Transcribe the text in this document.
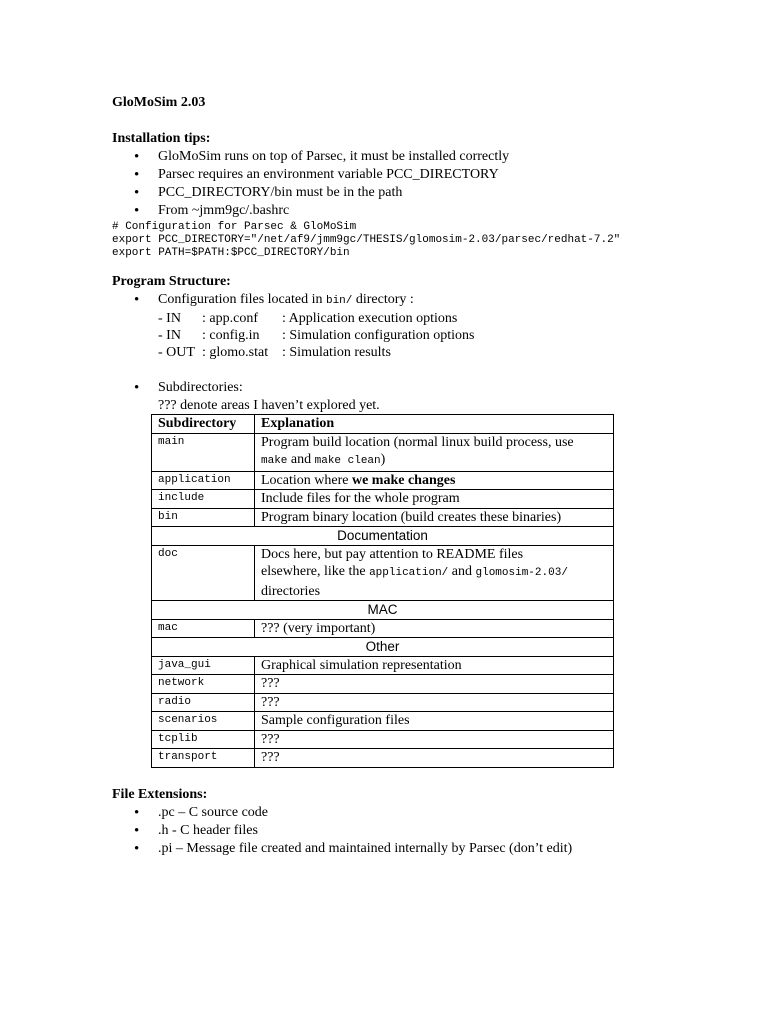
GloMoSim 2.03
Installation tips:
• GloMoSim runs on top of Parsec, it must be installed correctly
• Parsec requires an environment variable PCC_DIRECTORY
• PCC_DIRECTORY/bin must be in the path
• From ~jmm9gc/.bashrc
# Configuration for Parsec & GloMoSim
export PCC_DIRECTORY="/net/af9/jmm9gc/THESIS/glomosim-2.03/parsec/redhat-7.2"
export PATH=$PATH:$PCC_DIRECTORY/bin
Program Structure:
• Configuration files located in bin/ directory :
- IN : app.conf : Application execution options
- IN : config.in : Simulation configuration options
- OUT : glomo.stat : Simulation results
• Subdirectories:
??? denote areas I haven’t explored yet.
Subdirectory	Explanation
main	Program build location (normal linux build process, use
make and make clean)
application	Location where we make changes
include	Include files for the whole program
bin	Program binary location (build creates these binaries)
Documentation	
doc	Docs here, but pay attention to README files
elsewhere, like the application/ and glomosim-2.03/
directories
MAC	
mac	??? (very important)
Other	
java_gui	Graphical simulation representation
network	???
radio	???
scenarios	Sample configuration files
tcplib	???
transport	???
File Extensions:
• .pc – C source code
• .h - C header files
• .pi – Message file created and maintained internally by Parsec (don’t edit)
